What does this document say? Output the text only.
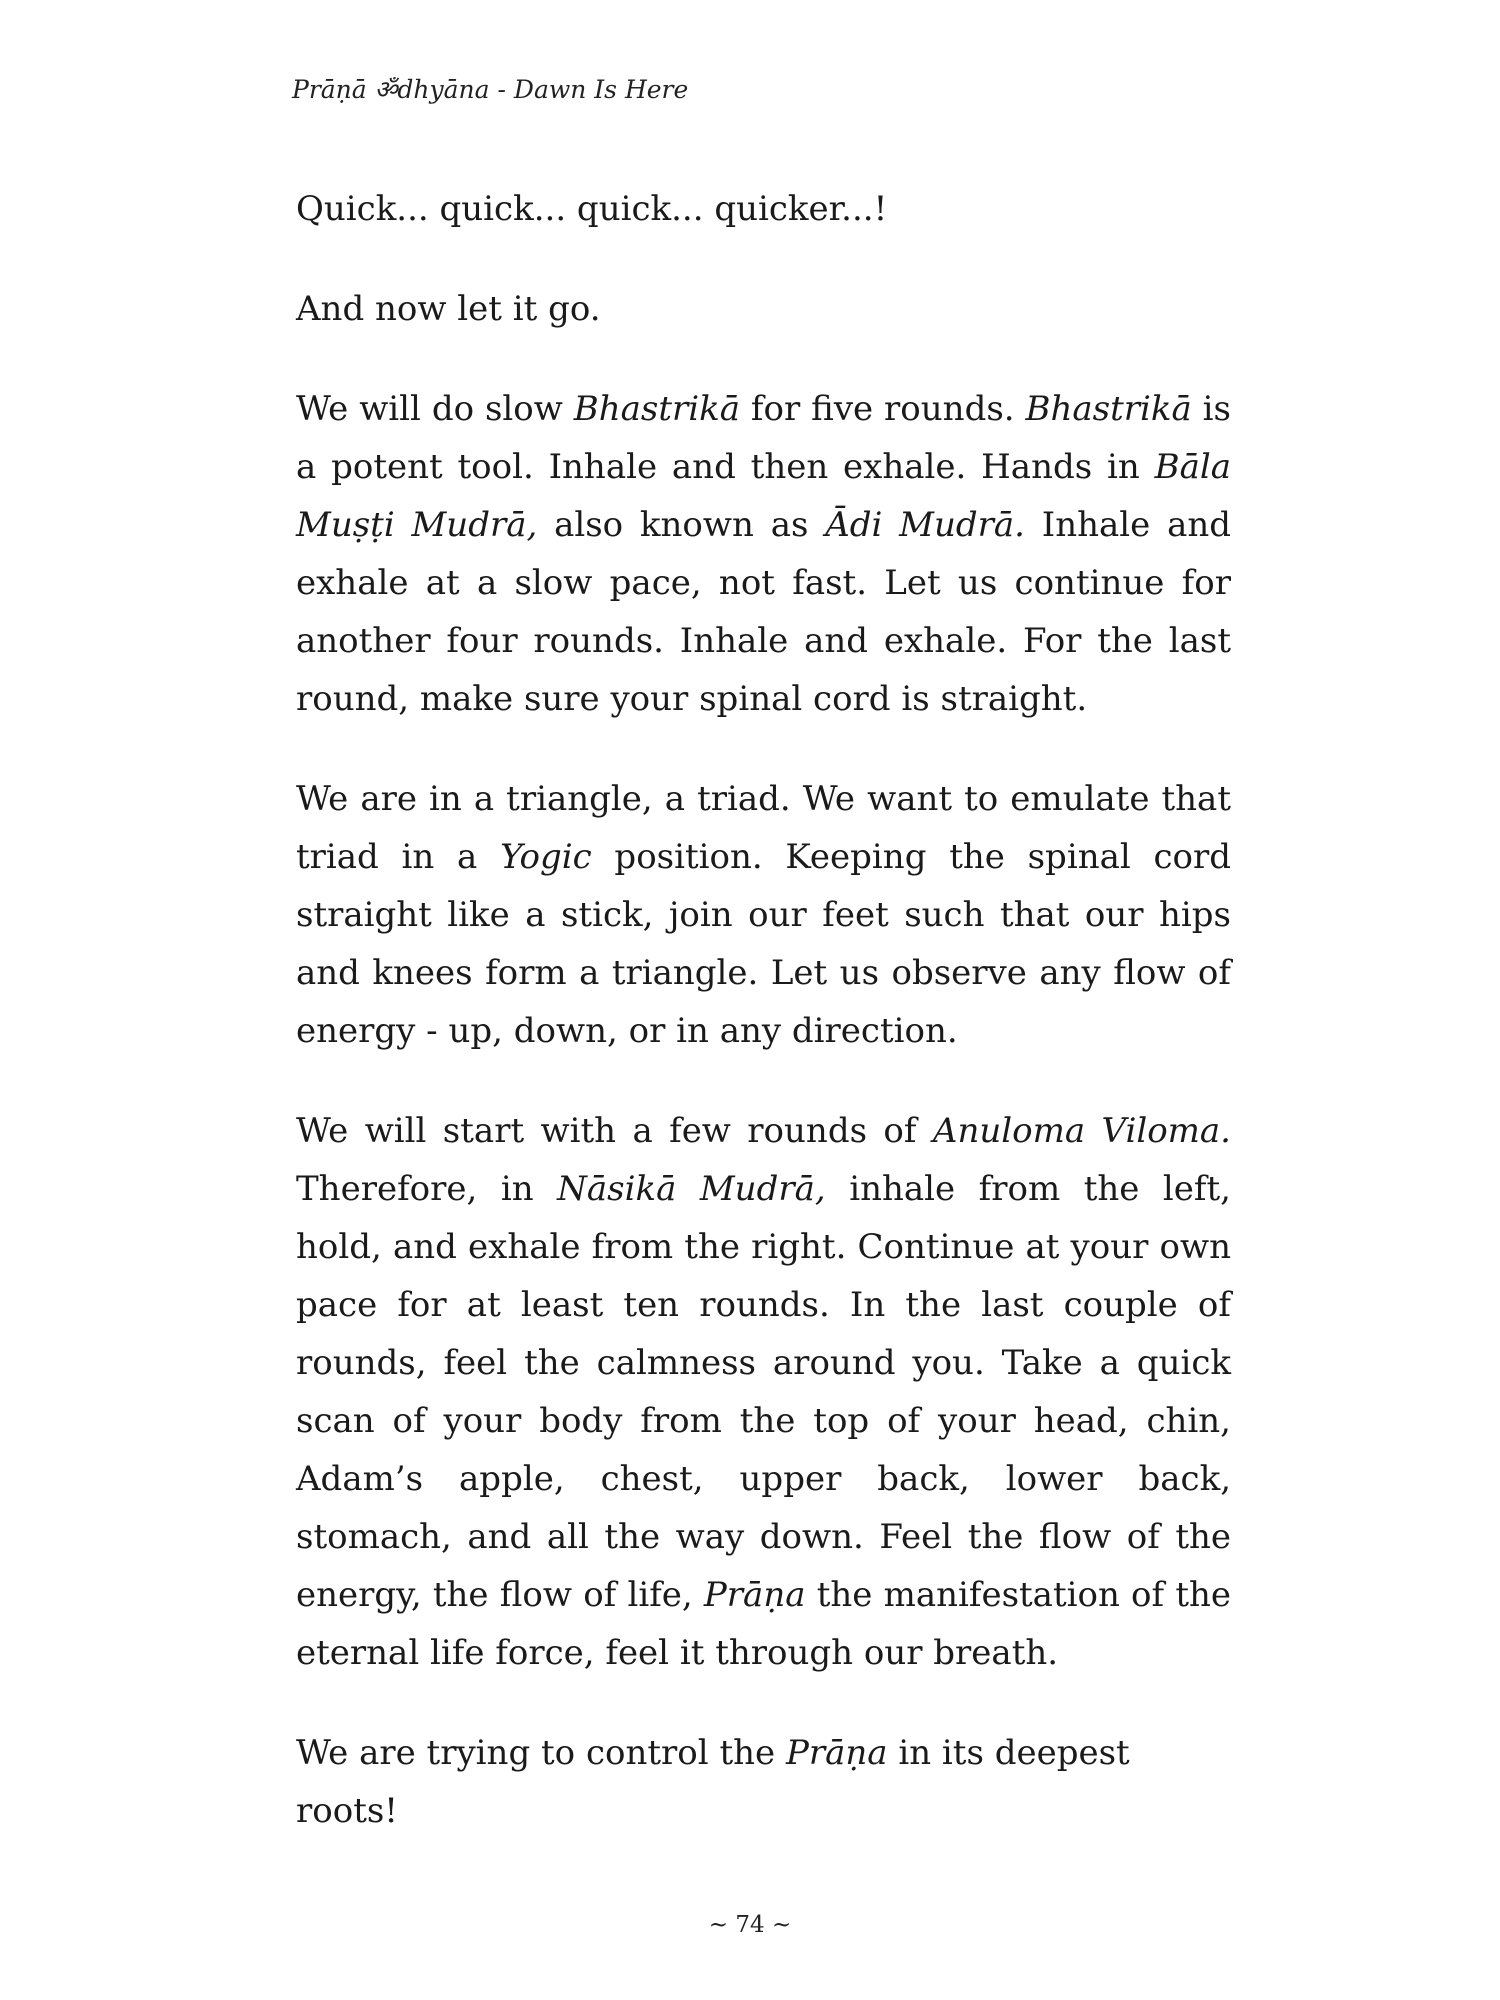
Prāṇā ॐdhyāna - Dawn Is Here

Quick... quick... quick... quicker...!

And now let it go.

We will do slow Bhastrikā for five rounds. Bhastrikā is a potent tool. Inhale and then exhale. Hands in Bāla Muṣṭi Mudrā, also known as Ādi Mudrā. Inhale and exhale at a slow pace, not fast. Let us continue for another four rounds. Inhale and exhale. For the last round, make sure your spinal cord is straight.

We are in a triangle, a triad. We want to emulate that triad in a Yogic position. Keeping the spinal cord straight like a stick, join our feet such that our hips and knees form a triangle. Let us observe any flow of energy - up, down, or in any direction.

We will start with a few rounds of Anuloma Viloma. Therefore, in Nāsikā Mudrā, inhale from the left, hold, and exhale from the right. Continue at your own pace for at least ten rounds. In the last couple of rounds, feel the calmness around you. Take a quick scan of your body from the top of your head, chin, Adam’s apple, chest, upper back, lower back, stomach, and all the way down. Feel the flow of the energy, the flow of life, Prāṇa the manifestation of the eternal life force, feel it through our breath.

We are trying to control the Prāṇa in its deepest roots!

~ 74 ~
